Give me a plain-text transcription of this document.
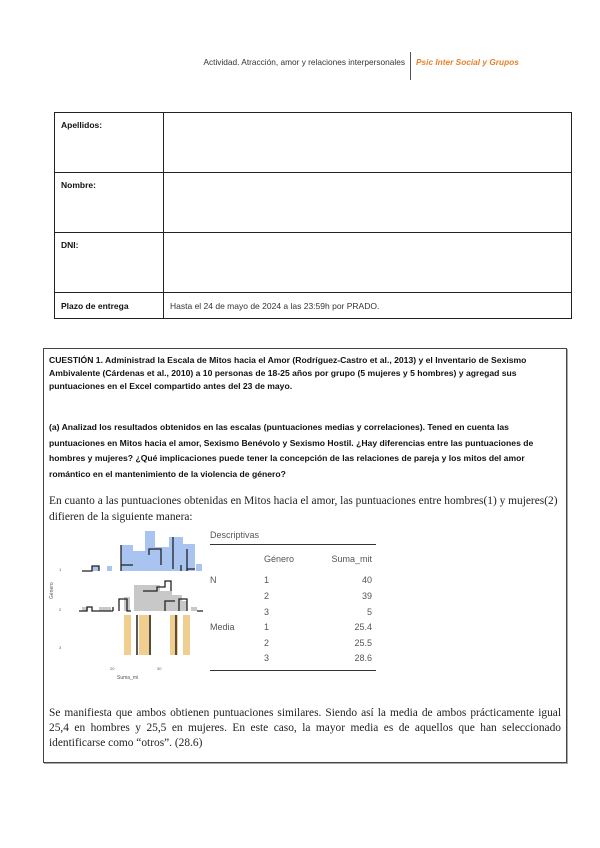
Actividad. Atracción, amor y relaciones interpersonales Psic Inter Social y Grupos
Apellidos:	
Nombre:	
DNI:	
Plazo de entrega	Hasta el 24 de mayo de 2024 a las 23:59h por PRADO.
CUESTIÓN 1. Administrad la Escala de Mitos hacia el Amor (Rodríguez-Castro et al., 2013) y el Inventario de Sexismo Ambivalente (Cárdenas et al., 2010) a 10 personas de 18-25 años por grupo (5 mujeres y 5 hombres) y agregad sus puntuaciones en el Excel compartido antes del 23 de mayo.
(a) Analizad los resultados obtenidos en las escalas (puntuaciones medias y correlaciones). Tened en cuenta las puntuaciones en Mitos hacia el amor, Sexismo Benévolo y Sexismo Hostil. ¿Hay diferencias entre las puntuaciones de hombres y mujeres? ¿Qué implicaciones puede tener la concepción de las relaciones de pareja y los mitos del amor romántico en el mantenimiento de la violencia de género?
En cuanto a las puntuaciones obtenidas en Mitos hacia el amor, las puntuaciones entre hombres(1) y mujeres(2) difieren de la siguiente manera:
1
2
3
Género
20	30
Suma_mi
Descriptivas
	Género	Suma_mit

N	1	40
	2	39
	3	5
Media	1	25.4
	2	25.5
	3	28.6
Se manifiesta que ambos obtienen puntuaciones similares. Siendo así la media de ambos prácticamente igual 25,4 en hombres y 25,5 en mujeres. En este caso, la mayor media es de aquellos que han seleccionado identificarse como “otros”. (28.6)
